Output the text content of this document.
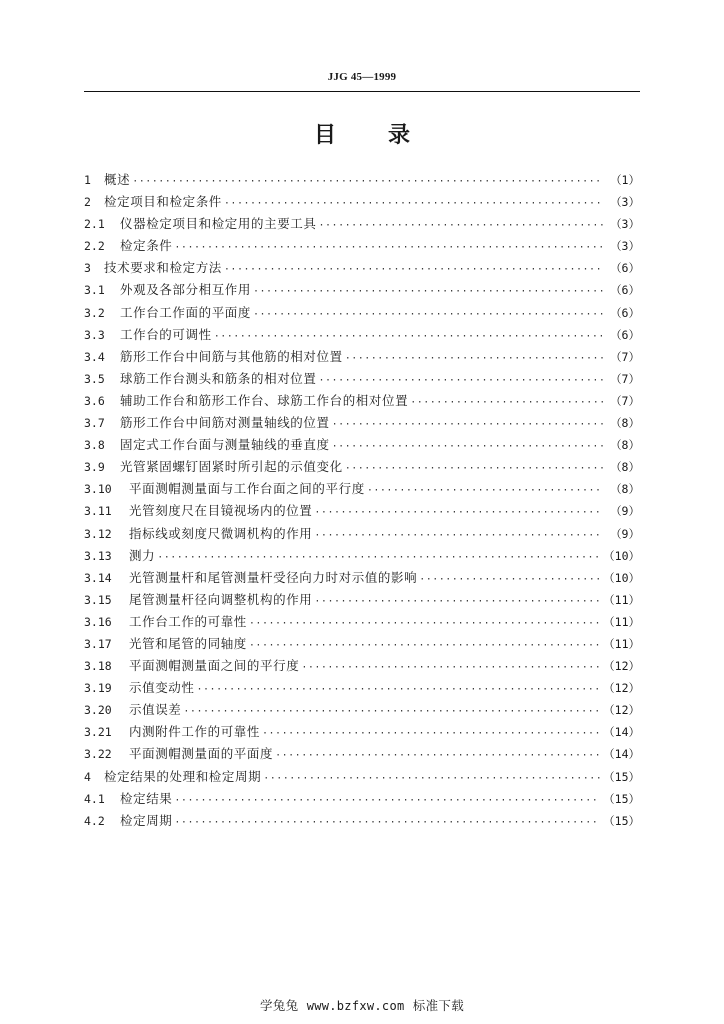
JJG 45—1999
目 录
1	概述 ·····	（1）
2	检定项目和检定条件 ·····	（3）
2.1	仪器检定项目和检定用的主要工具 ·····	（3）
2.2	检定条件 ·····	（3）
3	技术要求和检定方法 ·····	（6）
3.1	外观及各部分相互作用 ·····	（6）
3.2	工作台工作面的平面度 ·····	（6）
3.3	工作台的可调性 ·····	（6）
3.4	筋形工作台中间筋与其他筋的相对位置 ·····	（7）
3.5	球筋工作台测头和筋条的相对位置 ·····	（7）
3.6	辅助工作台和筋形工作台、球筋工作台的相对位置 ·····	（7）
3.7	筋形工作台中间筋对测量轴线的位置 ·····	（8）
3.8	固定式工作台面与测量轴线的垂直度 ·····	（8）
3.9	光管紧固螺钉固紧时所引起的示值变化 ·····	（8）
3.10	平面测帽测量面与工作台面之间的平行度 ·····	（8）
3.11	光管刻度尺在目镜视场内的位置 ·····	（9）
3.12	指标线或刻度尺微调机构的作用 ·····	（9）
3.13	测力 ·····	（10）
3.14	光管测量杆和尾管测量杆受径向力时对示值的影响 ·····	（10）
3.15	尾管测量杆径向调整机构的作用 ·····	（11）
3.16	工作台工作的可靠性 ·····	（11）
3.17	光管和尾管的同轴度 ·····	（11）
3.18	平面测帽测量面之间的平行度 ·····	（12）
3.19	示值变动性 ·····	（12）
3.20	示值误差 ·····	（12）
3.21	内测附件工作的可靠性 ·····	（14）
3.22	平面测帽测量面的平面度 ·····	（14）
4	检定结果的处理和检定周期 ·····	（15）
4.1	检定结果 ·····	（15）
4.2	检定周期 ·····	（15）
学兔兔 www.bzfxw.com 标准下载
